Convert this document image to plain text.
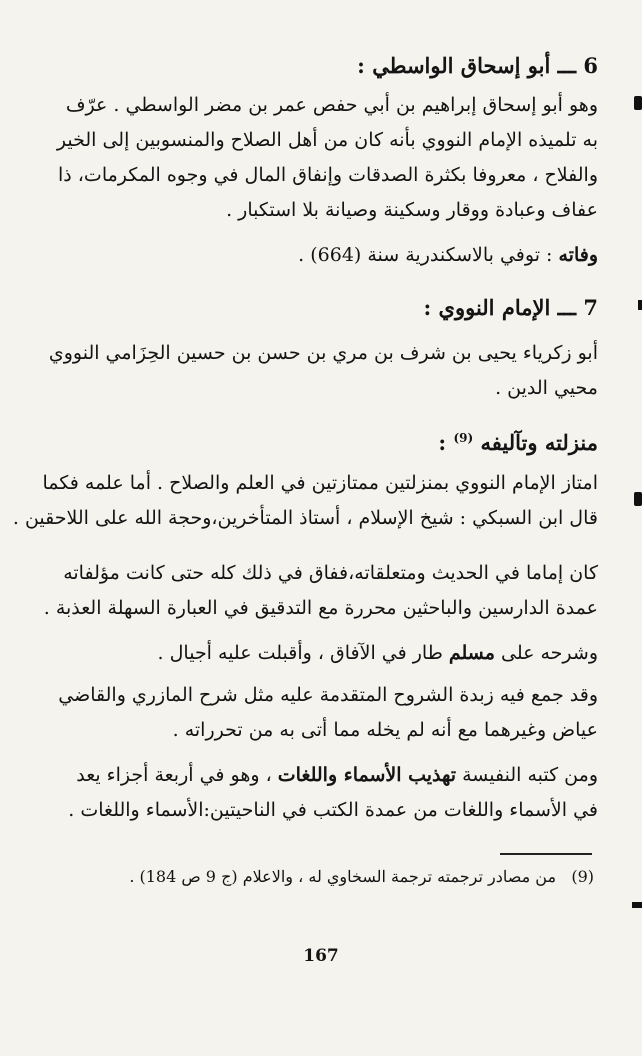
6 ـــ أبو إسحاق الواسطي :
وهو أبو إسحاق إبراهيم بن أبي حفص عمر بن مضر الواسطي . عرّف
به تلميذه الإمام النووي بأنه كان من أهل الصلاح والمنسوبين إلى الخير
والفلاح ، معروفا بكثرة الصدقات وإنفاق المال في وجوه المكرمات، ذا
عفاف وعبادة ووقار وسكينة وصيانة بلا استكبار .
وفاته : توفي بالاسكندرية سنة (664) .
7 ـــ الإمام النووي :
أبو زكرياء يحيى بن شرف بن مري بن حسن بن حسين الحِزَامي النووي
محيي الدين .
منزلته وتآليفه $^{(9)}$ :
امتاز الإمام النووي بمنزلتين ممتازتين في العلم والصلاح . أما علمه فكما
قال ابن السبكي : شيخ الإسلام ، أستاذ المتأخرين،وحجة الله على اللاحقين .
كان إماما في الحديث ومتعلقاته،ففاق في ذلك كله حتى كانت مؤلفاته
عمدة الدارسين والباحثين محررة مع التدقيق في العبارة السهلة العذبة .
وشرحه على مسلم طار في الآفاق ، وأقبلت عليه أجيال .
وقد جمع فيه زبدة الشروح المتقدمة عليه مثل شرح المازري والقاضي
عياض وغيرهما مع أنه لم يخله مما أتى به من تحرراته .
ومن كتبه النفيسة تهذيب الأسماء واللغات ، وهو في أربعة أجزاء يعد
في الأسماء واللغات من عمدة الكتب في الناحيتين:الأسماء واللغات .
(9)   من مصادر ترجمته ترجمة السخاوي له ، والاعلام (ج 9 ص 184) .
167
